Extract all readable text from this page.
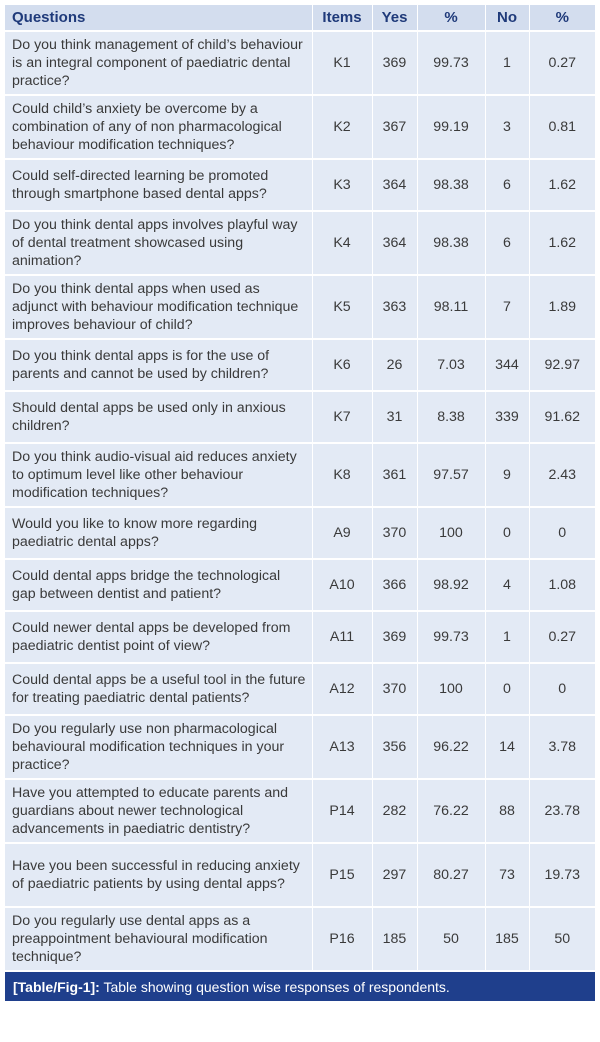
Questions	Items	Yes	%	No	%
Do you think management of child’s behaviour is an integral component of paediatric dental practice?	K1	369	99.73	1	0.27
Could child’s anxiety be overcome by a combination of any of non pharmacological behaviour modification techniques?	K2	367	99.19	3	0.81
Could self-directed learning be promoted through smartphone based dental apps?	K3	364	98.38	6	1.62
Do you think dental apps involves playful way of dental treatment showcased using animation?	K4	364	98.38	6	1.62
Do you think dental apps when used as adjunct with behaviour modification technique improves behaviour of child?	K5	363	98.11	7	1.89
Do you think dental apps is for the use of parents and cannot be used by children?	K6	26	7.03	344	92.97
Should dental apps be used only in anxious children?	K7	31	8.38	339	91.62
Do you think audio-visual aid reduces anxiety to optimum level like other behaviour modification techniques?	K8	361	97.57	9	2.43
Would you like to know more regarding paediatric dental apps?	A9	370	100	0	0
Could dental apps bridge the technological gap between dentist and patient?	A10	366	98.92	4	1.08
Could newer dental apps be developed from paediatric dentist point of view?	A11	369	99.73	1	0.27
Could dental apps be a useful tool in the future for treating paediatric dental patients?	A12	370	100	0	0
Do you regularly use non pharmacological behavioural modification techniques in your practice?	A13	356	96.22	14	3.78
Have you attempted to educate parents and guardians about newer technological advancements in paediatric dentistry?	P14	282	76.22	88	23.78
Have you been successful in reducing anxiety of paediatric patients by using dental apps?	P15	297	80.27	73	19.73
Do you regularly use dental apps as a preappointment behavioural modification technique?	P16	185	50	185	50
[Table/Fig-1]: Table showing question wise responses of respondents.					
